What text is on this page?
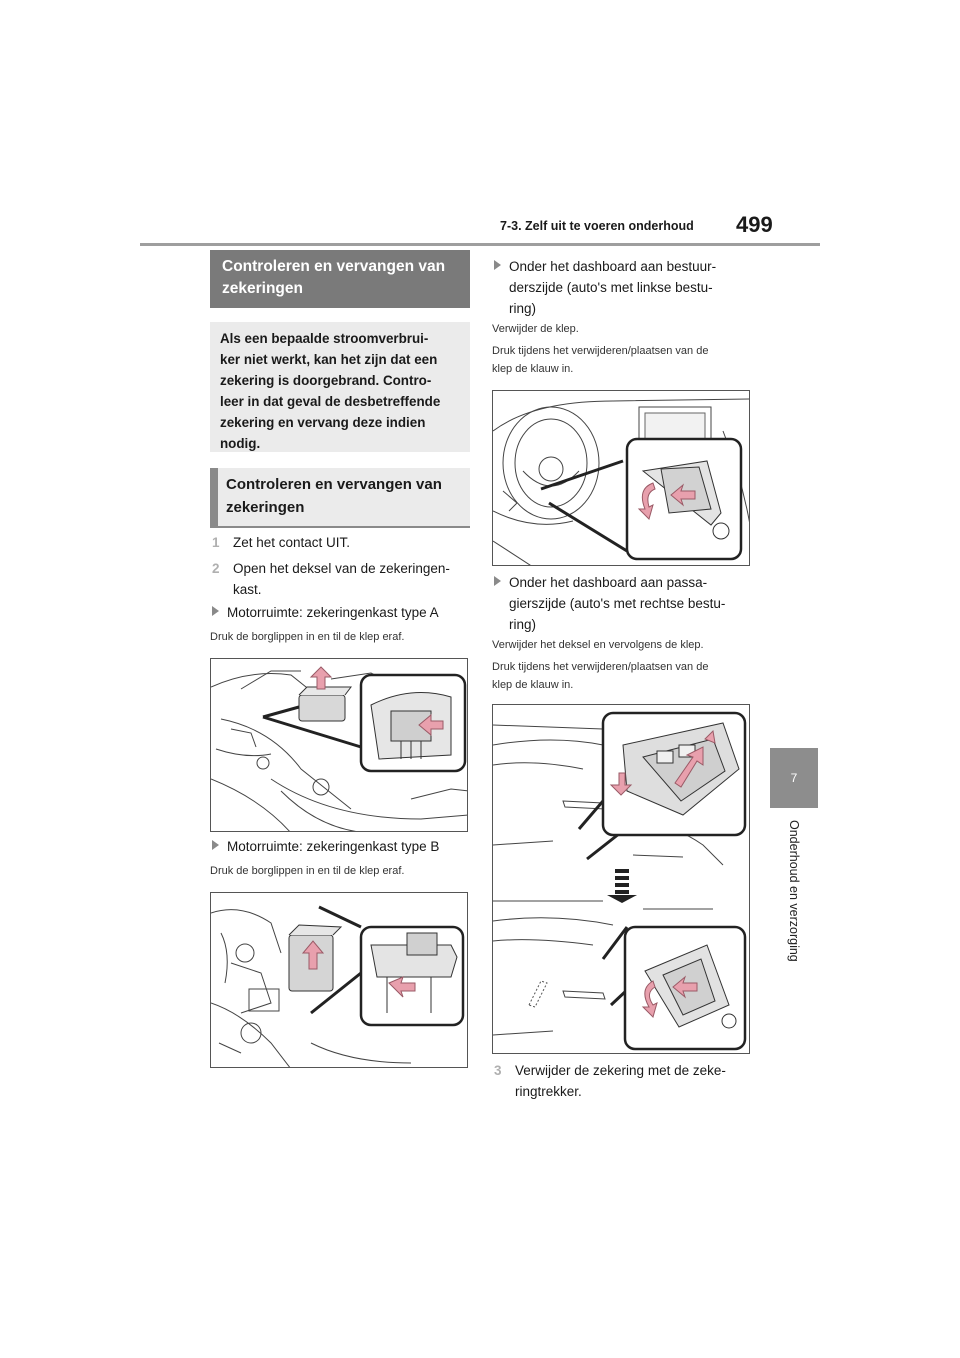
7-3. Zelf uit te voeren onderhoud 499
7
Onderhoud en verzorging
Controleren en vervangen van zekeringen
Als een bepaalde stroomverbrui-
ker niet werkt, kan het zijn dat een
zekering is doorgebrand. Contro-
leer in dat geval de desbetreffende
zekering en vervang deze indien
nodig.
Controleren en vervangen van
zekeringen
1 Zet het contact UIT.
2 Open het deksel van de zekeringen-
kast.
Motorruimte: zekeringenkast type A
Druk de borglippen in en til de klep eraf.
Motorruimte: zekeringenkast type B
Druk de borglippen in en til de klep eraf.
Onder het dashboard aan bestuur-
derszijde (auto's met linkse bestu-
ring)
Verwijder de klep.
Druk tijdens het verwijderen/plaatsen van de
klep de klauw in.
Onder het dashboard aan passa-
gierszijde (auto's met rechtse bestu-
ring)
Verwijder het deksel en vervolgens de klep.
Druk tijdens het verwijderen/plaatsen van de
klep de klauw in.
3 Verwijder de zekering met de zeke-
ringtrekker.
